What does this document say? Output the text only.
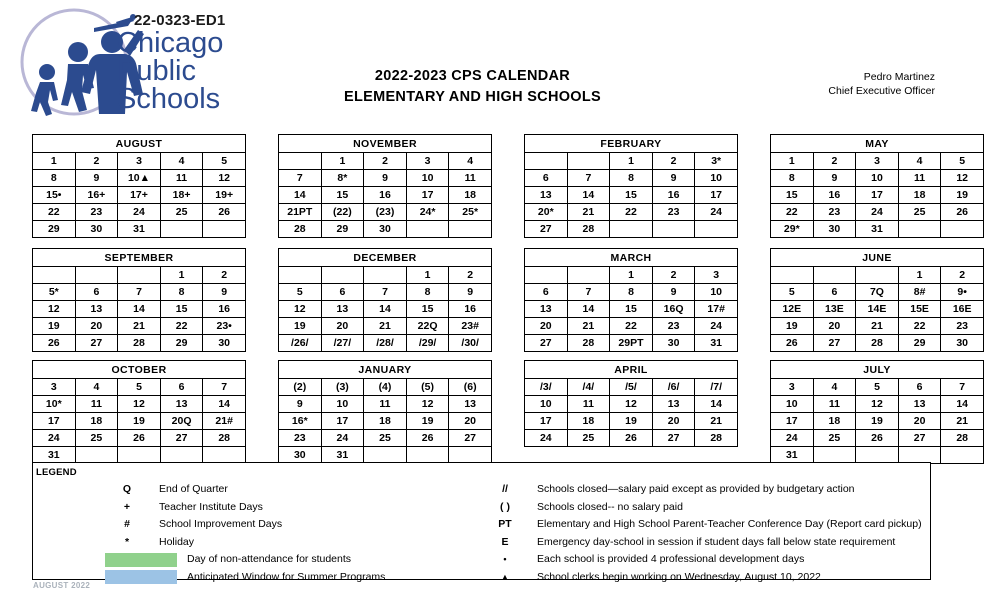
22-0323-ED1
Chicago
Public
Schools
2022-2023 CPS CALENDAR
ELEMENTARY AND HIGH SCHOOLS
Pedro Martinez
Chief Executive Officer
AUGUST				
1	2	3	4	5
8	9	10▲	11	12
15•	16+	17+	18+	19+
22	23	24	25	26
29	30	31		
NOVEMBER				
	1	2	3	4
7	8*	9	10	11
14	15	16	17	18
21PT	(22)	(23)	24*	25*
28	29	30		
FEBRUARY				
		1	2	3*
6	7	8	9	10
13	14	15	16	17
20*	21	22	23	24
27	28			
MAY				
1	2	3	4	5
8	9	10	11	12
15	16	17	18	19
22	23	24	25	26
29*	30	31		
SEPTEMBER				
			1	2
5*	6	7	8	9
12	13	14	15	16
19	20	21	22	23•
26	27	28	29	30
DECEMBER				
			1	2
5	6	7	8	9
12	13	14	15	16
19	20	21	22Q	23#
/26/	/27/	/28/	/29/	/30/
MARCH				
		1	2	3
6	7	8	9	10
13	14	15	16Q	17#
20	21	22	23	24
27	28	29PT	30	31
JUNE				
			1	2
5	6	7Q	8#	9•
12E	13E	14E	15E	16E
19	20	21	22	23
26	27	28	29	30
OCTOBER				
3	4	5	6	7
10*	11	12	13	14
17	18	19	20Q	21#
24	25	26	27	28
31				
JANUARY				
(2)	(3)	(4)	(5)	(6)
9	10	11	12	13
16*	17	18	19	20
23	24	25	26	27
30	31			
APRIL				
/3/	/4/	/5/	/6/	/7/
10	11	12	13	14
17	18	19	20	21
24	25	26	27	28
JULY				
3	4	5	6	7
10	11	12	13	14
17	18	19	20	21
24	25	26	27	28
31				
LEGEND
Q	End of Quarter
+	Teacher Institute Days
#	School Improvement Days
*	Holiday
Day of non-attendance for students
Anticipated Window for Summer Programs
//	Schools closed—salary paid except as provided by budgetary action
( )	Schools closed-- no salary paid
PT	Elementary and High School Parent-Teacher Conference Day (Report card pickup)
E	Emergency day-school in session if student days fall below state requirement
•	Each school is provided 4 professional development days
▲	School clerks begin working on Wednesday, August 10, 2022
AUGUST 2022
